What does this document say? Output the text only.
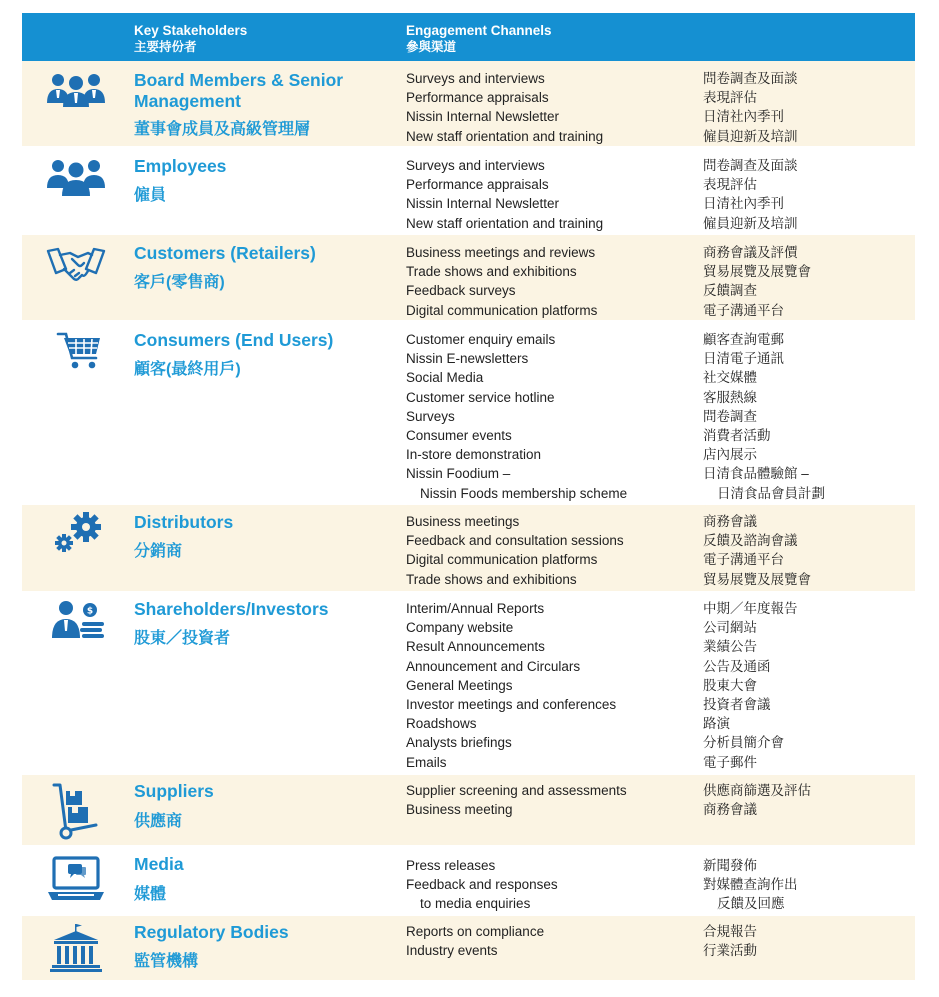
Key Stakeholders
主要持份者
Engagement Channels
參與渠道
Board Members & Senior Management
董事會成員及高級管理層
Surveys and interviews
Performance appraisals
Nissin Internal Newsletter
New staff orientation and training
問卷調查及面談
表現評估
日清社內季刊
僱員迎新及培訓
Employees
僱員
Surveys and interviews
Performance appraisals
Nissin Internal Newsletter
New staff orientation and training
問卷調查及面談
表現評估
日清社內季刊
僱員迎新及培訓
Customers (Retailers)
客戶(零售商)
Business meetings and reviews
Trade shows and exhibitions
Feedback surveys
Digital communication platforms
商務會議及評價
貿易展覽及展覽會
反饋調查
電子溝通平台
Consumers (End Users)
顧客(最終用戶)
Customer enquiry emails
Nissin E-newsletters
Social Media
Customer service hotline
Surveys
Consumer events
In-store demonstration
Nissin Foodium –
Nissin Foods membership scheme
顧客查詢電郵
日清電子通訊
社交媒體
客服熱線
問卷調查
消費者活動
店內展示
日清食品體驗館 –
日清食品會員計劃
Distributors
分銷商
Business meetings
Feedback and consultation sessions
Digital communication platforms
Trade shows and exhibitions
商務會議
反饋及諮詢會議
電子溝通平台
貿易展覽及展覽會
$ Shareholders/Investors
股東／投資者
Interim/Annual Reports
Company website
Result Announcements
Announcement and Circulars
General Meetings
Investor meetings and conferences
Roadshows
Analysts briefings
Emails
中期／年度報告
公司網站
業績公告
公告及通函
股東大會
投資者會議
路演
分析員簡介會
電子郵件
Suppliers
供應商
Supplier screening and assessments
Business meeting
供應商篩選及評估
商務會議
Media
媒體
Press releases
Feedback and responses
to media enquiries
新聞發佈
對媒體查詢作出
反饋及回應
Regulatory Bodies
監管機構
Reports on compliance
Industry events
合規報告
行業活動
